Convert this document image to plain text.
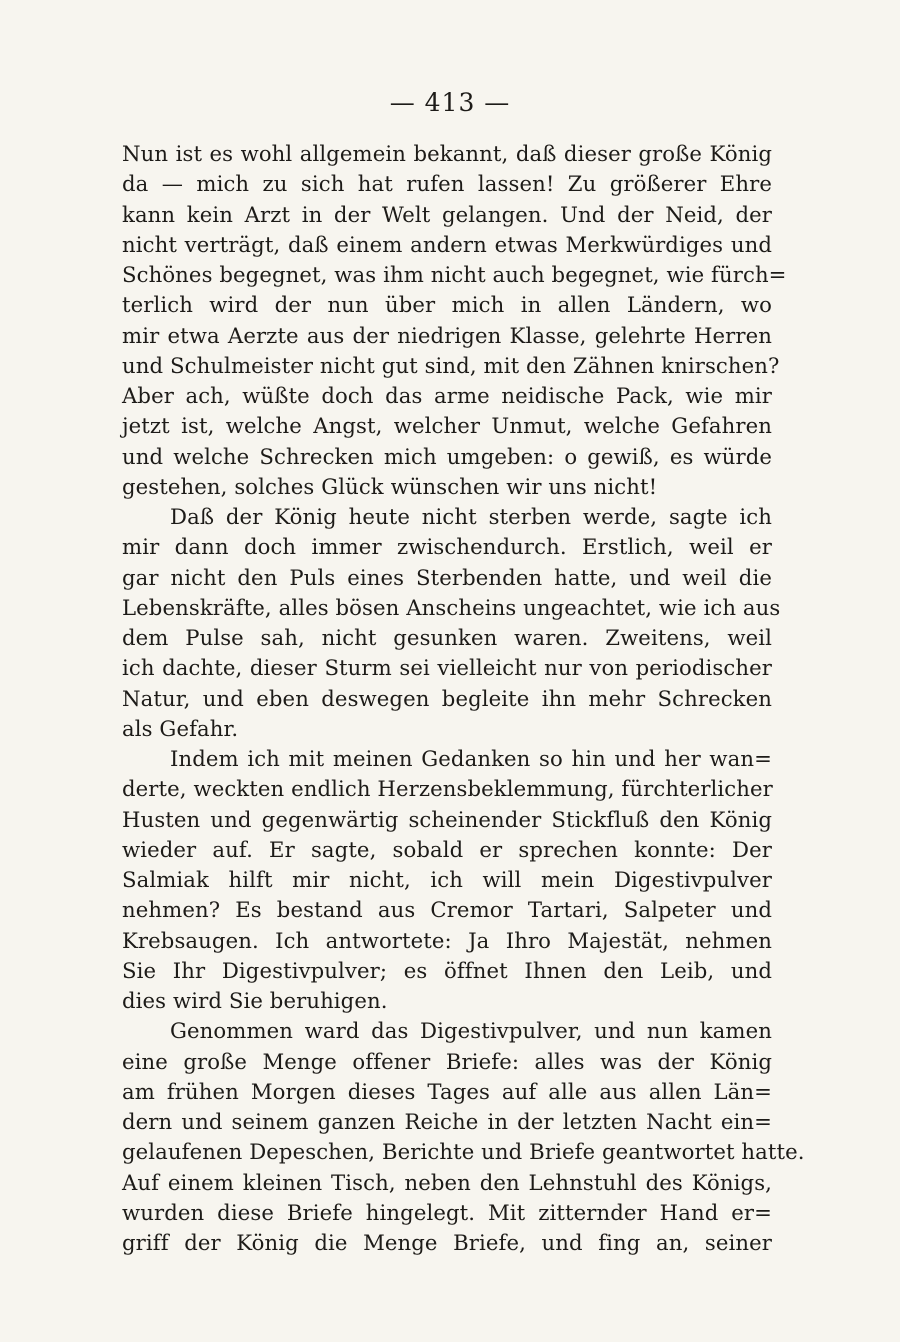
— 413 —
Nun ist es wohl allgemein bekannt, daß dieser große König
da — mich zu sich hat rufen lassen! Zu größerer Ehre
kann kein Arzt in der Welt gelangen. Und der Neid, der
nicht verträgt, daß einem andern etwas Merkwürdiges und
Schönes begegnet, was ihm nicht auch begegnet, wie fürch=
terlich wird der nun über mich in allen Ländern, wo
mir etwa Aerzte aus der niedrigen Klasse, gelehrte Herren
und Schulmeister nicht gut sind, mit den Zähnen knirschen?
Aber ach, wüßte doch das arme neidische Pack, wie mir
jetzt ist, welche Angst, welcher Unmut, welche Gefahren
und welche Schrecken mich umgeben: o gewiß, es würde
gestehen, solches Glück wünschen wir uns nicht!
Daß der König heute nicht sterben werde, sagte ich
mir dann doch immer zwischendurch. Erstlich, weil er
gar nicht den Puls eines Sterbenden hatte, und weil die
Lebenskräfte, alles bösen Anscheins ungeachtet, wie ich aus
dem Pulse sah, nicht gesunken waren. Zweitens, weil
ich dachte, dieser Sturm sei vielleicht nur von periodischer
Natur, und eben deswegen begleite ihn mehr Schrecken
als Gefahr.
Indem ich mit meinen Gedanken so hin und her wan=
derte, weckten endlich Herzensbeklemmung, fürchterlicher
Husten und gegenwärtig scheinender Stickfluß den König
wieder auf. Er sagte, sobald er sprechen konnte: Der
Salmiak hilft mir nicht, ich will mein Digestivpulver
nehmen? Es bestand aus Cremor Tartari, Salpeter und
Krebsaugen. Ich antwortete: Ja Ihro Majestät, nehmen
Sie Ihr Digestivpulver; es öffnet Ihnen den Leib, und
dies wird Sie beruhigen.
Genommen ward das Digestivpulver, und nun kamen
eine große Menge offener Briefe: alles was der König
am frühen Morgen dieses Tages auf alle aus allen Län=
dern und seinem ganzen Reiche in der letzten Nacht ein=
gelaufenen Depeschen, Berichte und Briefe geantwortet hatte.
Auf einem kleinen Tisch, neben den Lehnstuhl des Königs,
wurden diese Briefe hingelegt. Mit zitternder Hand er=
griff der König die Menge Briefe, und fing an, seiner
